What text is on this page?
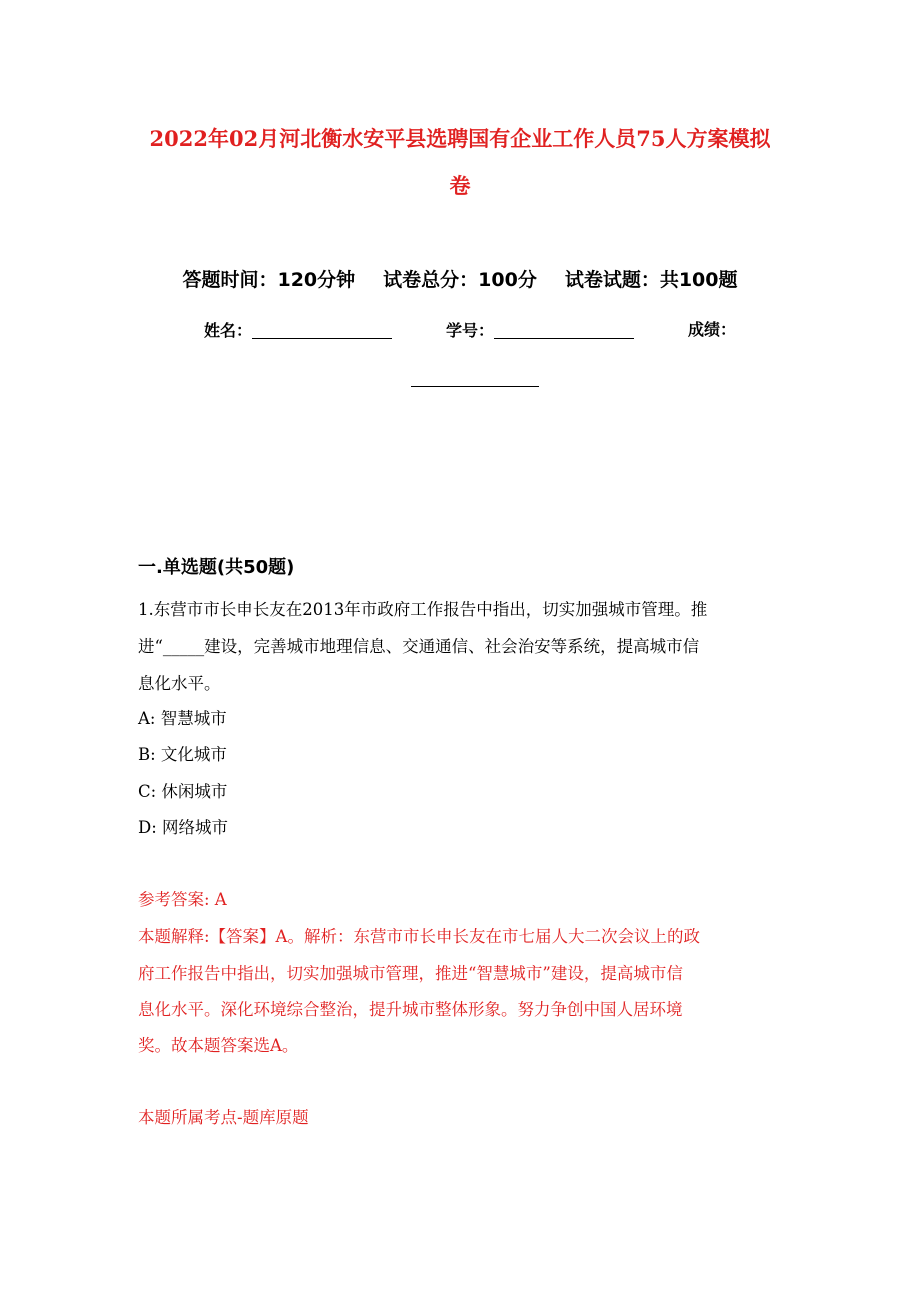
2022年02月河北衡水安平县选聘国有企业工作人员75人方案模拟
卷
答题时间：120分钟 试卷总分：100分 试卷试题：共100题
姓名：	学号：	成绩：
一.单选题(共50题)
1.东营市市长申长友在2013年市政府工作报告中指出，切实加强城市管理。推
进“_____建设，完善城市地理信息、交通通信、社会治安等系统，提高城市信
息化水平。
A: 智慧城市
B: 文化城市
C: 休闲城市
D: 网络城市
参考答案: A
本题解释:【答案】A。解析：东营市市长申长友在市七届人大二次会议上的政
府工作报告中指出，切实加强城市管理，推进“智慧城市”建设，提高城市信
息化水平。深化环境综合整治，提升城市整体形象。努力争创中国人居环境
奖。故本题答案选A。
本题所属考点-题库原题
